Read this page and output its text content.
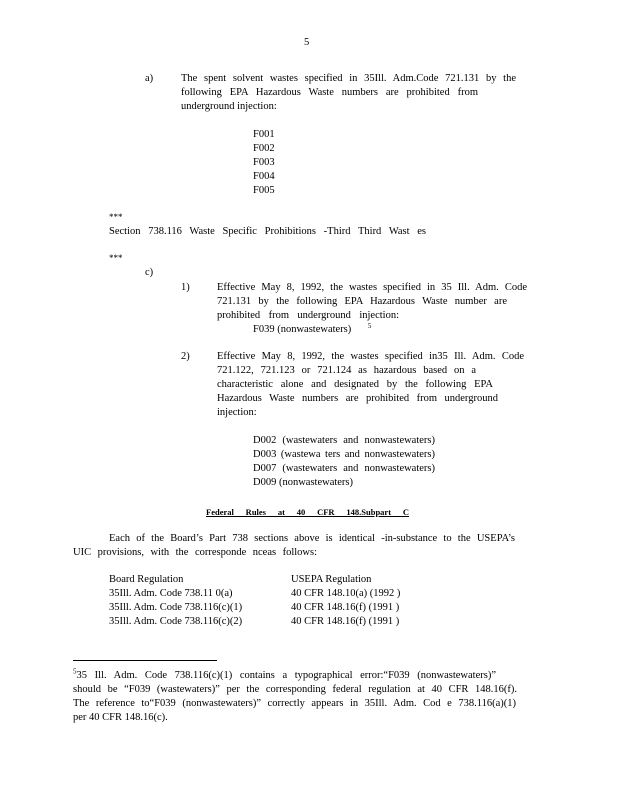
5
a)	The spent solvent wastes specified in 35Ill. Adm.Code 721.131 by the
following EPA Hazardous Waste numbers are prohibited from
underground injection:
F001
F002
F003
F004
F005
***
Section 738.116 Waste Specific Prohibitions -Third Third Wast es
***
c)
1)	Effective May 8, 1992, the wastes specified in 35 Ill. Adm. Code
721.131 by the following EPA Hazardous Waste number are
prohibited from underground injection:
F039 (nonwastewaters) $^5$
2)	Effective May 8, 1992, the wastes specified in35 Ill. Adm. Code
721.122, 721.123 or 721.124 as hazardous based on a
characteristic alone and designated by the following EPA
Hazardous Waste numbers are prohibited from underground
injection:
D002 (wastewaters and nonwastewaters)
D003 (wastewa ters and nonwastewaters)
D007 (wastewaters and nonwastewaters)
D009 (nonwastewaters)
Federal Rules at 40 CFR 148.Subpart C
Each of the Board’s Part 738 sections above is identical -in-substance to the USEPA’s
UIC provisions, with the corresponde nceas follows:
Board Regulation	USEPA Regulation
35Ill. Adm. Code 738.11 0(a)	40 CFR 148.10(a) (1992 )
35Ill. Adm. Code 738.116(c)(1)	40 CFR 148.16(f) (1991 )
35Ill. Adm. Code 738.116(c)(2)	40 CFR 148.16(f) (1991 )
$^5$35 Ill. Adm. Code 738.116(c)(1) contains a typographical error:“F039 (nonwastewaters)”
should be “F039 (wastewaters)” per the corresponding federal regulation at 40 CFR 148.16(f).
The reference to“F039 (nonwastewaters)” correctly appears in 35Ill. Adm. Cod e 738.116(a)(1)
per 40 CFR 148.16(c).
